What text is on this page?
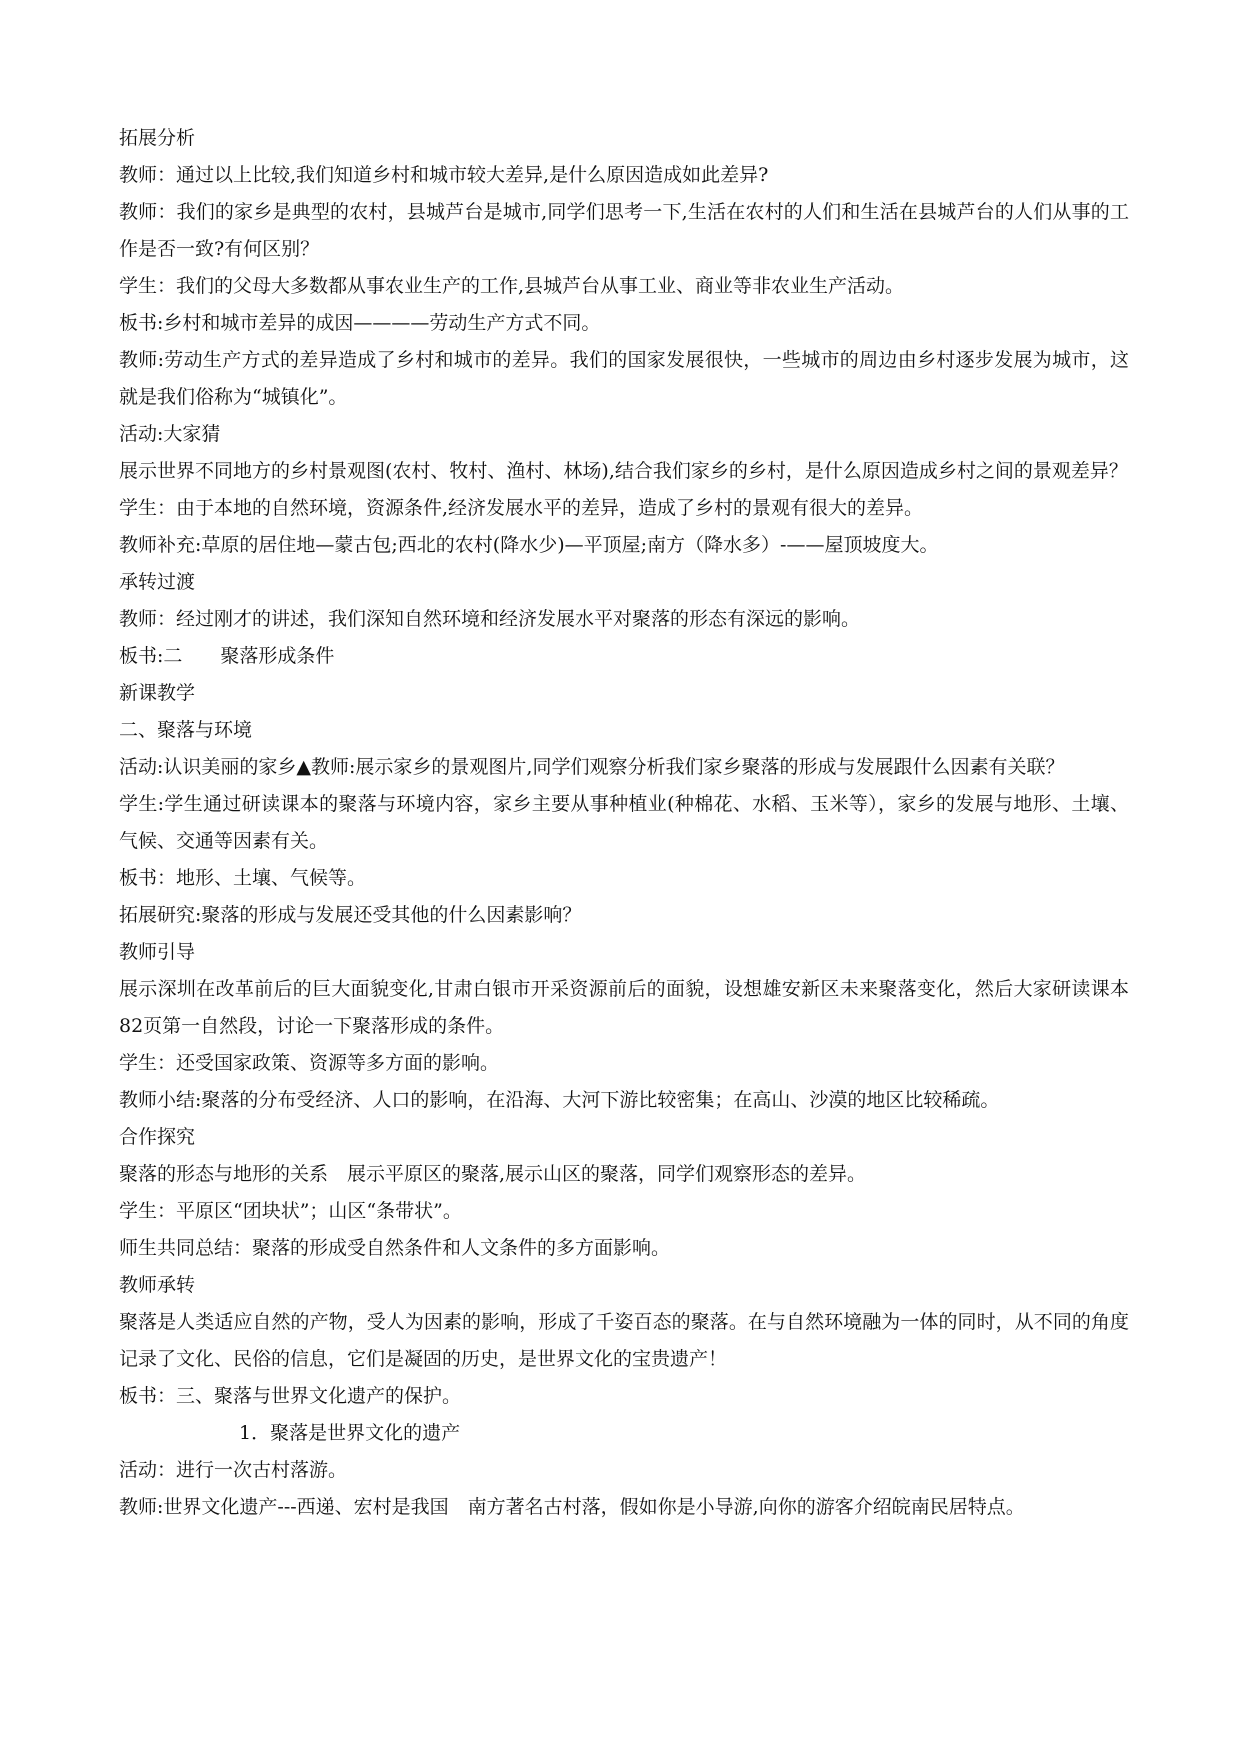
拓展分析
教师：通过以上比较,我们知道乡村和城市较大差异,是什么原因造成如此差异?
教师：我们的家乡是典型的农村，县城芦台是城市,同学们思考一下,生活在农村的人们和生活在县城芦台的人们从事的工作是否一致?有何区别？
学生：我们的父母大多数都从事农业生产的工作,县城芦台从事工业、商业等非农业生产活动。
板书:乡村和城市差异的成因————劳动生产方式不同。
教师:劳动生产方式的差异造成了乡村和城市的差异。我们的国家发展很快，一些城市的周边由乡村逐步发展为城市，这就是我们俗称为“城镇化”。
活动:大家猜
展示世界不同地方的乡村景观图(农村、牧村、渔村、林场),结合我们家乡的乡村，是什么原因造成乡村之间的景观差异？
学生：由于本地的自然环境，资源条件,经济发展水平的差异，造成了乡村的景观有很大的差异。
教师补充:草原的居住地—蒙古包;西北的农村(降水少)—平顶屋;南方（降水多）-——屋顶坡度大。
承转过渡
教师：经过刚才的讲述，我们深知自然环境和经济发展水平对聚落的形态有深远的影响。
板书:二　　聚落形成条件
新课教学
二、聚落与环境
活动:认识美丽的家乡▲教师:展示家乡的景观图片,同学们观察分析我们家乡聚落的形成与发展跟什么因素有关联？
学生:学生通过研读课本的聚落与环境内容，家乡主要从事种植业(种棉花、水稻、玉米等），家乡的发展与地形、土壤、气候、交通等因素有关。
板书：地形、土壤、气候等。
拓展研究:聚落的形成与发展还受其他的什么因素影响？
教师引导
展示深圳在改革前后的巨大面貌变化,甘肃白银市开采资源前后的面貌，设想雄安新区未来聚落变化，然后大家研读课本82页第一自然段，讨论一下聚落形成的条件。
学生：还受国家政策、资源等多方面的影响。
教师小结:聚落的分布受经济、人口的影响，在沿海、大河下游比较密集；在高山、沙漠的地区比较稀疏。
合作探究
聚落的形态与地形的关系　展示平原区的聚落,展示山区的聚落，同学们观察形态的差异。
学生：平原区“团块状”；山区“条带状”。
师生共同总结：聚落的形成受自然条件和人文条件的多方面影响。
教师承转
聚落是人类适应自然的产物，受人为因素的影响，形成了千姿百态的聚落。在与自然环境融为一体的同时，从不同的角度记录了文化、民俗的信息，它们是凝固的历史，是世界文化的宝贵遗产！
板书：三、聚落与世界文化遗产的保护。
1．聚落是世界文化的遗产
活动：进行一次古村落游。
教师:世界文化遗产---西递、宏村是我国　南方著名古村落，假如你是小导游,向你的游客介绍皖南民居特点。
